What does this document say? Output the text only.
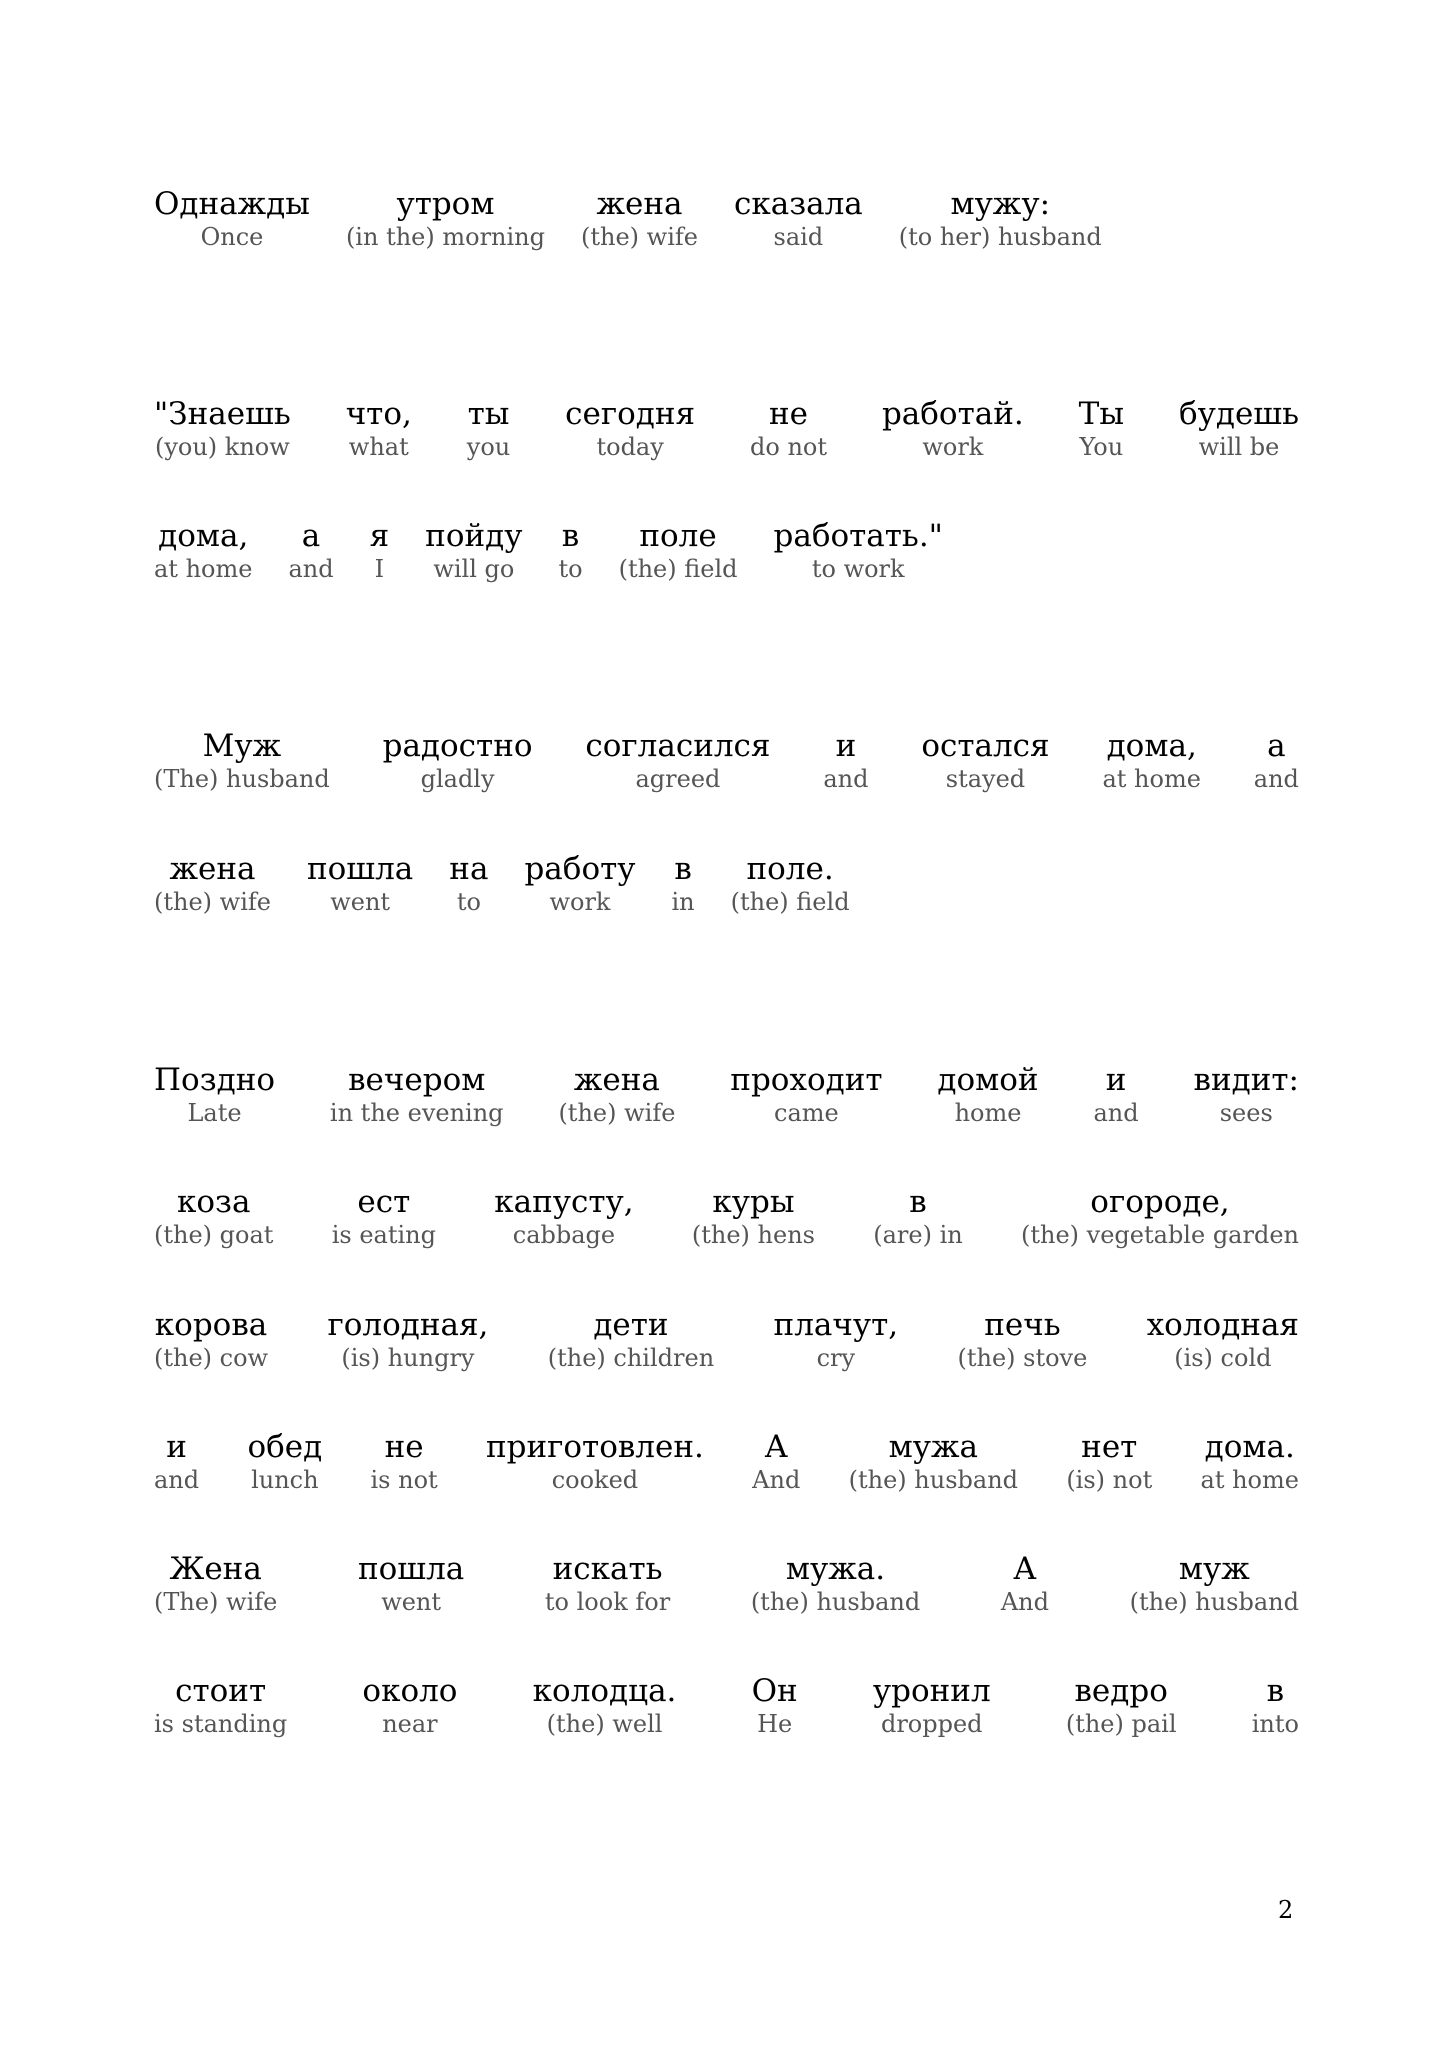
Однажды
Once
утром
(in the) morning
жена
(the) wife
сказала
said
мужу:
(to her) husband
"Знаешь
(you) know
что,
what
ты
you
сегодня
today
не
do not
работай.
work
Ты
You
будешь
will be
дома,
at home
а
and
я
I
пойду
will go
в
to
поле
(the) field
работать."
to work
Муж
(The) husband
радостно
gladly
согласился
agreed
и
and
остался
stayed
дома,
at home
а
and
жена
(the) wife
пошла
went
на
to
работу
work
в
in
поле.
(the) field
Поздно
Late
вечером
in the evening
жена
(the) wife
проходит
came
домой
home
и
and
видит:
sees
коза
(the) goat
ест
is eating
капусту,
cabbage
куры
(the) hens
в
(are) in
огороде,
(the) vegetable garden
корова
(the) cow
голодная,
(is) hungry
дети
(the) children
плачут,
cry
печь
(the) stove
холодная
(is) cold
и
and
обед
lunch
не
is not
приготовлен.
cooked
А
And
мужа
(the) husband
нет
(is) not
дома.
at home
Жена
(The) wife
пошла
went
искать
to look for
мужа.
(the) husband
А
And
муж
(the) husband
стоит
is standing
около
near
колодца.
(the) well
Он
He
уронил
dropped
ведро
(the) pail
в
into
2
